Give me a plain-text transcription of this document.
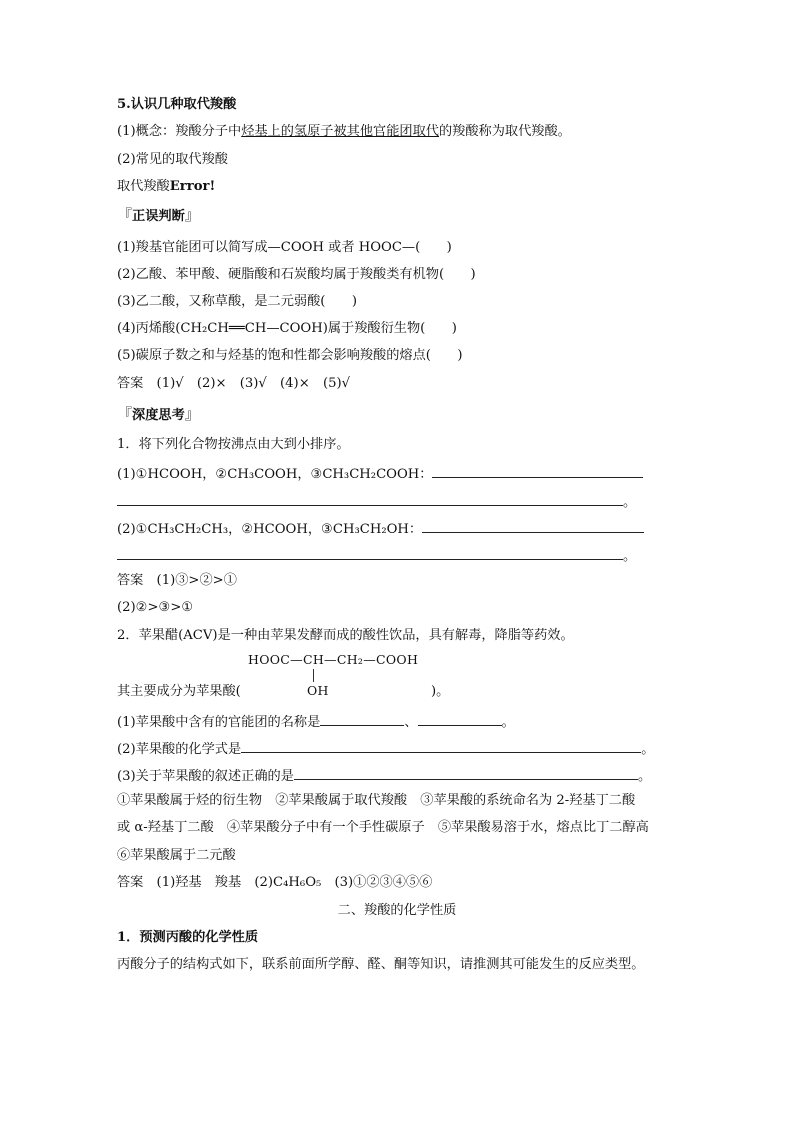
5.认识几种取代羧酸
(1)概念：羧酸分子中烃基上的氢原子被其他官能团取代的羧酸称为取代羧酸。
(2)常见的取代羧酸
取代羧酸Error!
『正误判断』
(1)羧基官能团可以简写成—COOH 或者 HOOC—(　　)
(2)乙酸、苯甲酸、硬脂酸和石炭酸均属于羧酸类有机物(　　)
(3)乙二酸，又称草酸，是二元弱酸(　　)
(4)丙烯酸(CH₂CH══CH—COOH)属于羧酸衍生物(　　)
(5)碳原子数之和与烃基的饱和性都会影响羧酸的熔点(　　)
答案　(1)√　(2)×　(3)√　(4)×　(5)√
『深度思考』
1．将下列化合物按沸点由大到小排序。
(1)①HCOOH，②CH₃COOH，③CH₃CH₂COOH：
。
(2)①CH₃CH₂CH₃，②HCOOH，③CH₃CH₂OH：
。
答案　(1)③>②>①
(2)②>③>①
2．苹果醋(ACV)是一种由苹果发酵而成的酸性饮品，具有解毒，降脂等药效。
HOOC—CH—CH₂—COOH
OH
其主要成分为苹果酸(	)。
(1)苹果酸中含有的官能团的名称是	、	。
(2)苹果酸的化学式是	。
(3)关于苹果酸的叙述正确的是	。
①苹果酸属于烃的衍生物　②苹果酸属于取代羧酸　③苹果酸的系统命名为 2-羟基丁二酸
或 α-羟基丁二酸　④苹果酸分子中有一个手性碳原子　⑤苹果酸易溶于水，熔点比丁二醇高
⑥苹果酸属于二元酸
答案　(1)羟基　羧基　(2)C₄H₆O₅　(3)①②③④⑤⑥
二、羧酸的化学性质
1．预测丙酸的化学性质
丙酸分子的结构式如下，联系前面所学醇、醛、酮等知识，请推测其可能发生的反应类型。
